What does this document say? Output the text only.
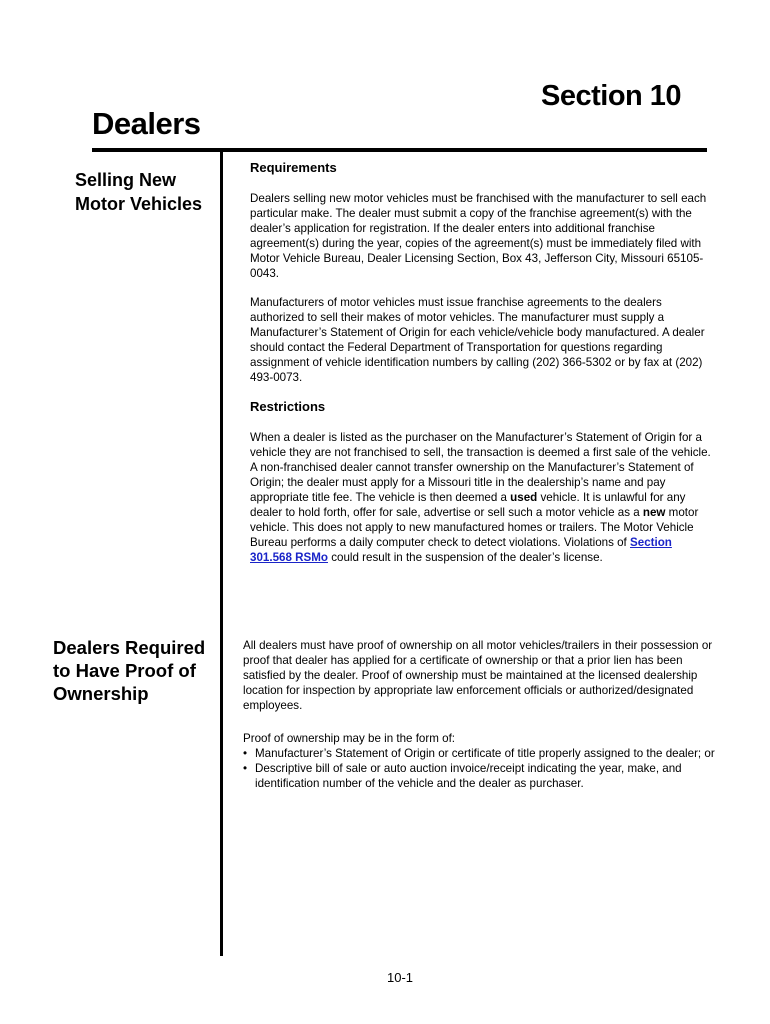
Section 10
Dealers
Selling New
Motor Vehicles
Requirements

Dealers selling new motor vehicles must be franchised with the manufacturer to sell each particular make. The dealer must submit a copy of the franchise agreement(s) with the dealer’s application for registration. If the dealer enters into additional franchise agreement(s) during the year, copies of the agreement(s) must be immediately filed with Motor Vehicle Bureau, Dealer Licensing Section, Box 43, Jefferson City, Missouri 65105-0043.

Manufacturers of motor vehicles must issue franchise agreements to the dealers authorized to sell their makes of motor vehicles. The manufacturer must supply a Manufacturer’s Statement of Origin for each vehicle/vehicle body manufactured. A dealer should contact the Federal Department of Transportation for questions regarding assignment of vehicle identification numbers by calling (202) 366-5302 or by fax at (202) 493-0073.

Restrictions

When a dealer is listed as the purchaser on the Manufacturer’s Statement of Origin for a vehicle they are not franchised to sell, the transaction is deemed a first sale of the vehicle. A non-franchised dealer cannot transfer ownership on the Manufacturer’s Statement of Origin; the dealer must apply for a Missouri title in the dealership’s name and pay appropriate title fee. The vehicle is then deemed a used vehicle. It is unlawful for any dealer to hold forth, offer for sale, advertise or sell such a motor vehicle as a new motor vehicle. This does not apply to new manufactured homes or trailers. The Motor Vehicle Bureau performs a daily computer check to detect violations. Violations of Section 301.568 RSMo could result in the suspension of the dealer’s license.

Dealers Required
to Have Proof of
Ownership

All dealers must have proof of ownership on all motor vehicles/trailers in their possession or proof that dealer has applied for a certificate of ownership or that a prior lien has been satisfied by the dealer. Proof of ownership must be maintained at the licensed dealership location for inspection by appropriate law enforcement officials or authorized/designated employees.

Proof of ownership may be in the form of:

• Manufacturer’s Statement of Origin or certificate of title properly assigned to the dealer; or
• Descriptive bill of sale or auto auction invoice/receipt indicating the year, make, and identification number of the vehicle and the dealer as purchaser.
10-1
